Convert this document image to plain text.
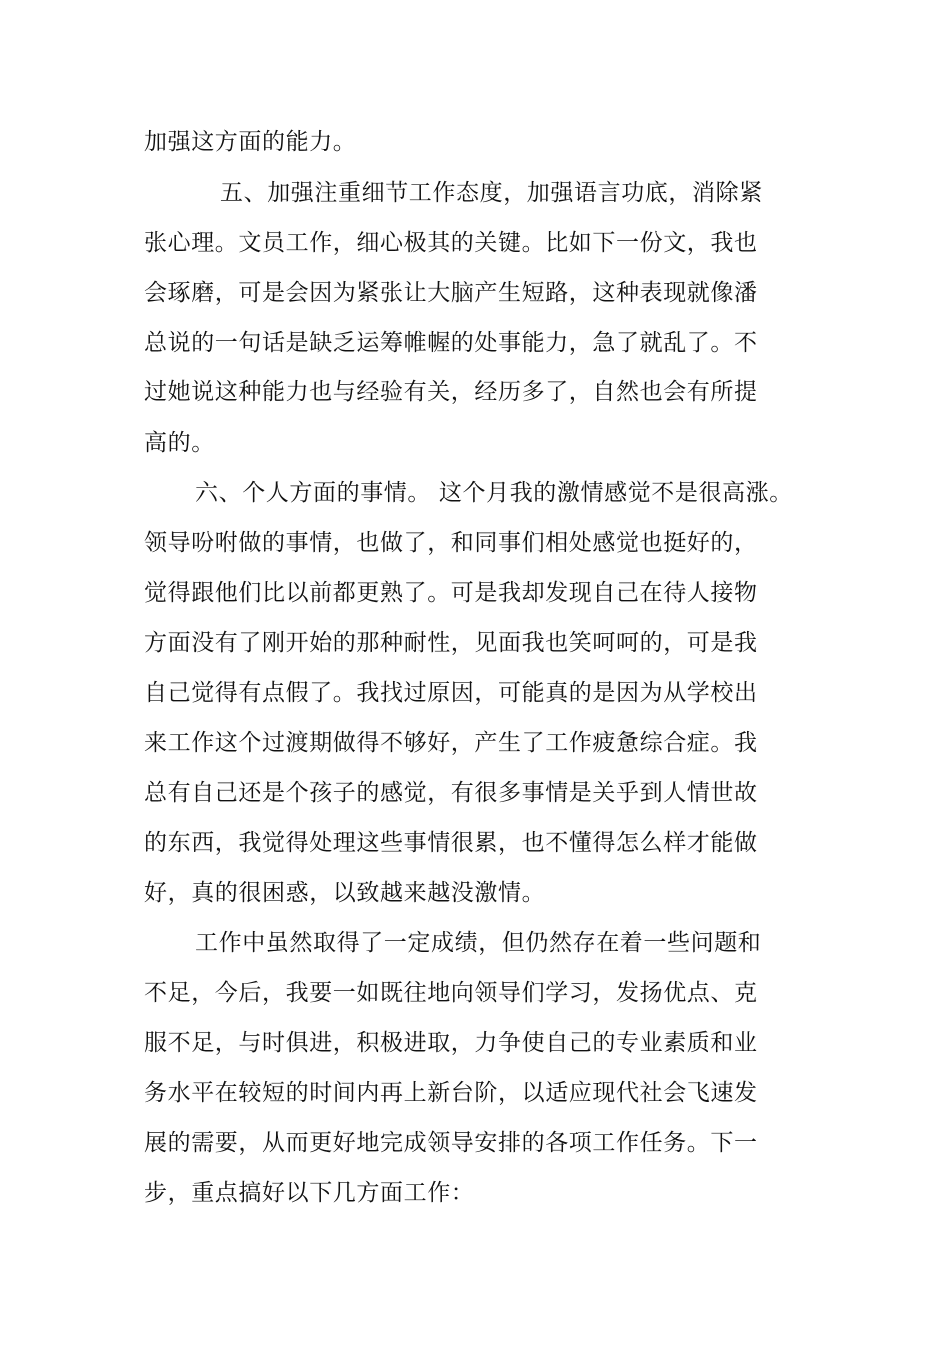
加强这方面的能力。
五、加强注重细节工作态度，加强语言功底，消除紧
张心理。文员工作，细心极其的关键。比如下一份文，我也
会琢磨，可是会因为紧张让大脑产生短路，这种表现就像潘
总说的一句话是缺乏运筹帷幄的处事能力，急了就乱了。不
过她说这种能力也与经验有关，经历多了，自然也会有所提
高的。
六、个人方面的事情。 这个月我的激情感觉不是很高涨。
领导吩咐做的事情，也做了，和同事们相处感觉也挺好的，
觉得跟他们比以前都更熟了。可是我却发现自己在待人接物
方面没有了刚开始的那种耐性，见面我也笑呵呵的，可是我
自己觉得有点假了。我找过原因，可能真的是因为从学校出
来工作这个过渡期做得不够好，产生了工作疲惫综合症。我
总有自己还是个孩子的感觉，有很多事情是关乎到人情世故
的东西，我觉得处理这些事情很累，也不懂得怎么样才能做
好，真的很困惑，以致越来越没激情。
工作中虽然取得了一定成绩，但仍然存在着一些问题和
不足，今后，我要一如既往地向领导们学习，发扬优点、克
服不足，与时俱进，积极进取，力争使自己的专业素质和业
务水平在较短的时间内再上新台阶，以适应现代社会飞速发
展的需要，从而更好地完成领导安排的各项工作任务。下一
步，重点搞好以下几方面工作：
